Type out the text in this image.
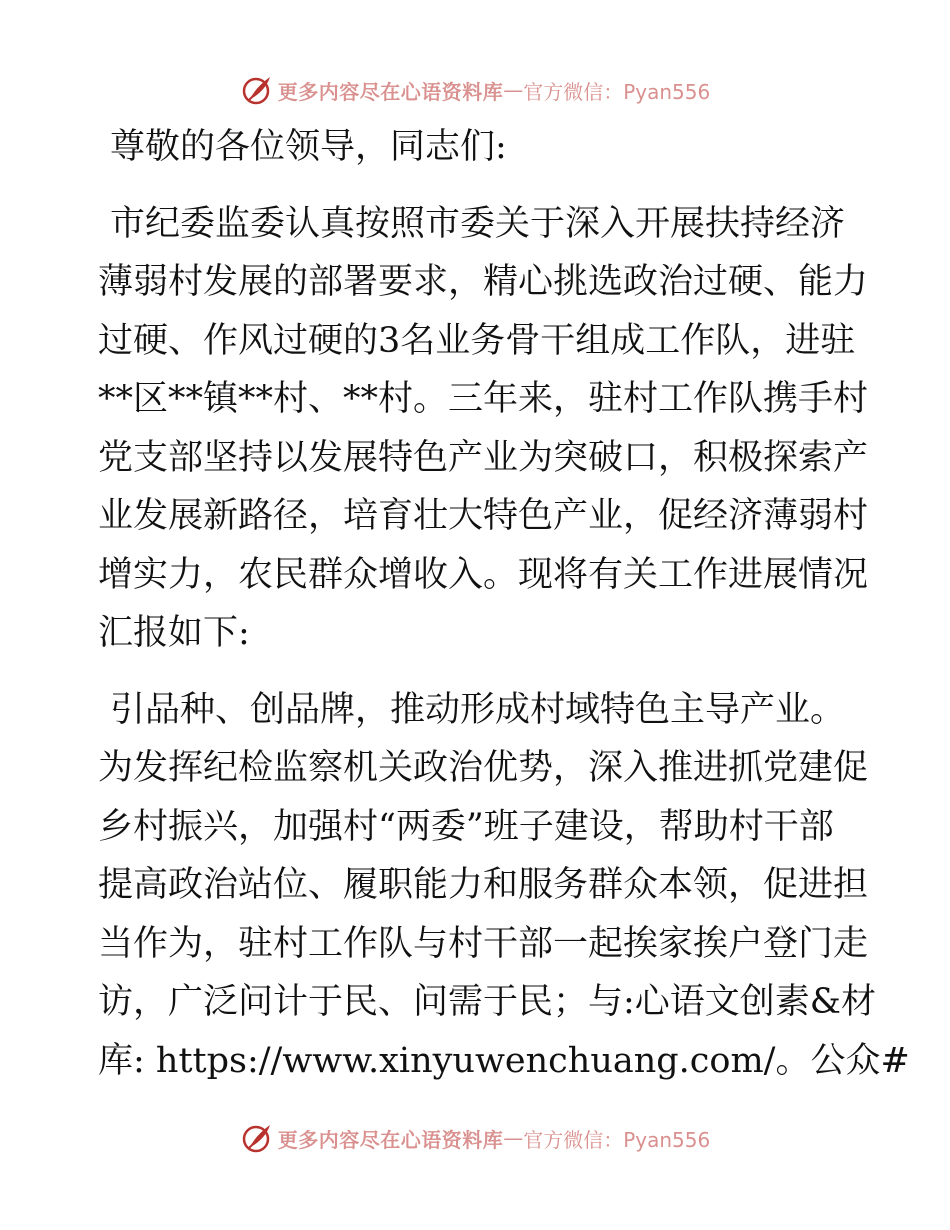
更多内容尽在心语资料库 — 官方微信：Pyan556
尊敬的各位领导，同志们:
市纪委监委认真按照市委关于深入开展扶持经济
薄弱村发展的部署要求，精心挑选政治过硬、能力
过硬、作风过硬的3名业务骨干组成工作队，进驻
**区**镇**村、**村。三年来，驻村工作队携手村
党支部坚持以发展特色产业为突破口，积极探索产
业发展新路径，培育壮大特色产业，促经济薄弱村
增实力，农民群众增收入。现将有关工作进展情况
汇报如下:
引品种、创品牌，推动形成村域特色主导产业。
为发挥纪检监察机关政治优势，深入推进抓党建促
乡村振兴，加强村“两委”班子建设，帮助村干部
提高政治站位、履职能力和服务群众本领，促进担
当作为，驻村工作队与村干部一起挨家挨户登门走
访，广泛问计于民、问需于民；与:心语文创素&材
库: https://www.xinyuwenchuang.com/。公众#
更多内容尽在心语资料库 — 官方微信：Pyan556
